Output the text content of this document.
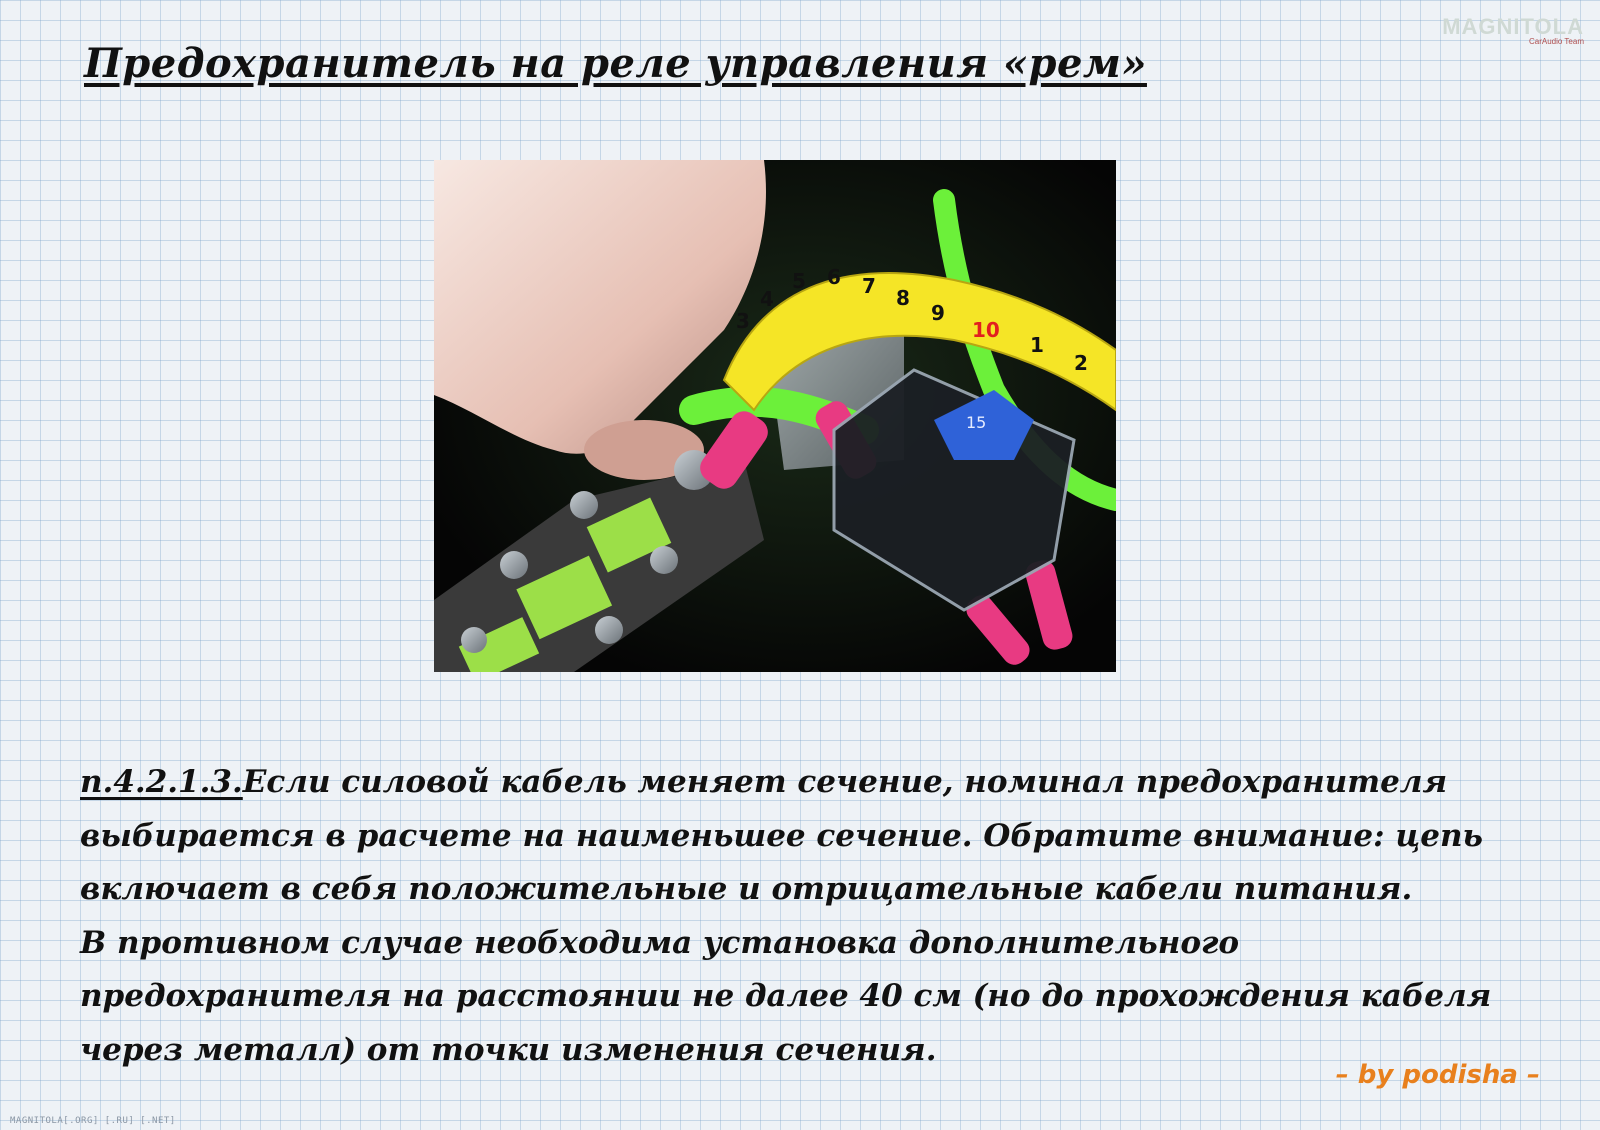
Предохранитель на реле управления «рем»
MAGNITOLA
CarAudio Team
3
4
5 6 7 8
9
10
1
2
15
п.4.2.1.3.Если силовой кабель меняет сечение, номинал предохранителя
выбирается в расчете на наименьшее сечение. Обратите внимание: цепь
включает в себя положительные и отрицательные кабели питания.
В противном случае необходима установка дополнительного
предохранителя на расстоянии не далее 40 см (но до прохождения кабеля
через металл) от точки изменения сечения.
– by podisha –
MAGNITOLA[.ORG] [.RU] [.NET]
